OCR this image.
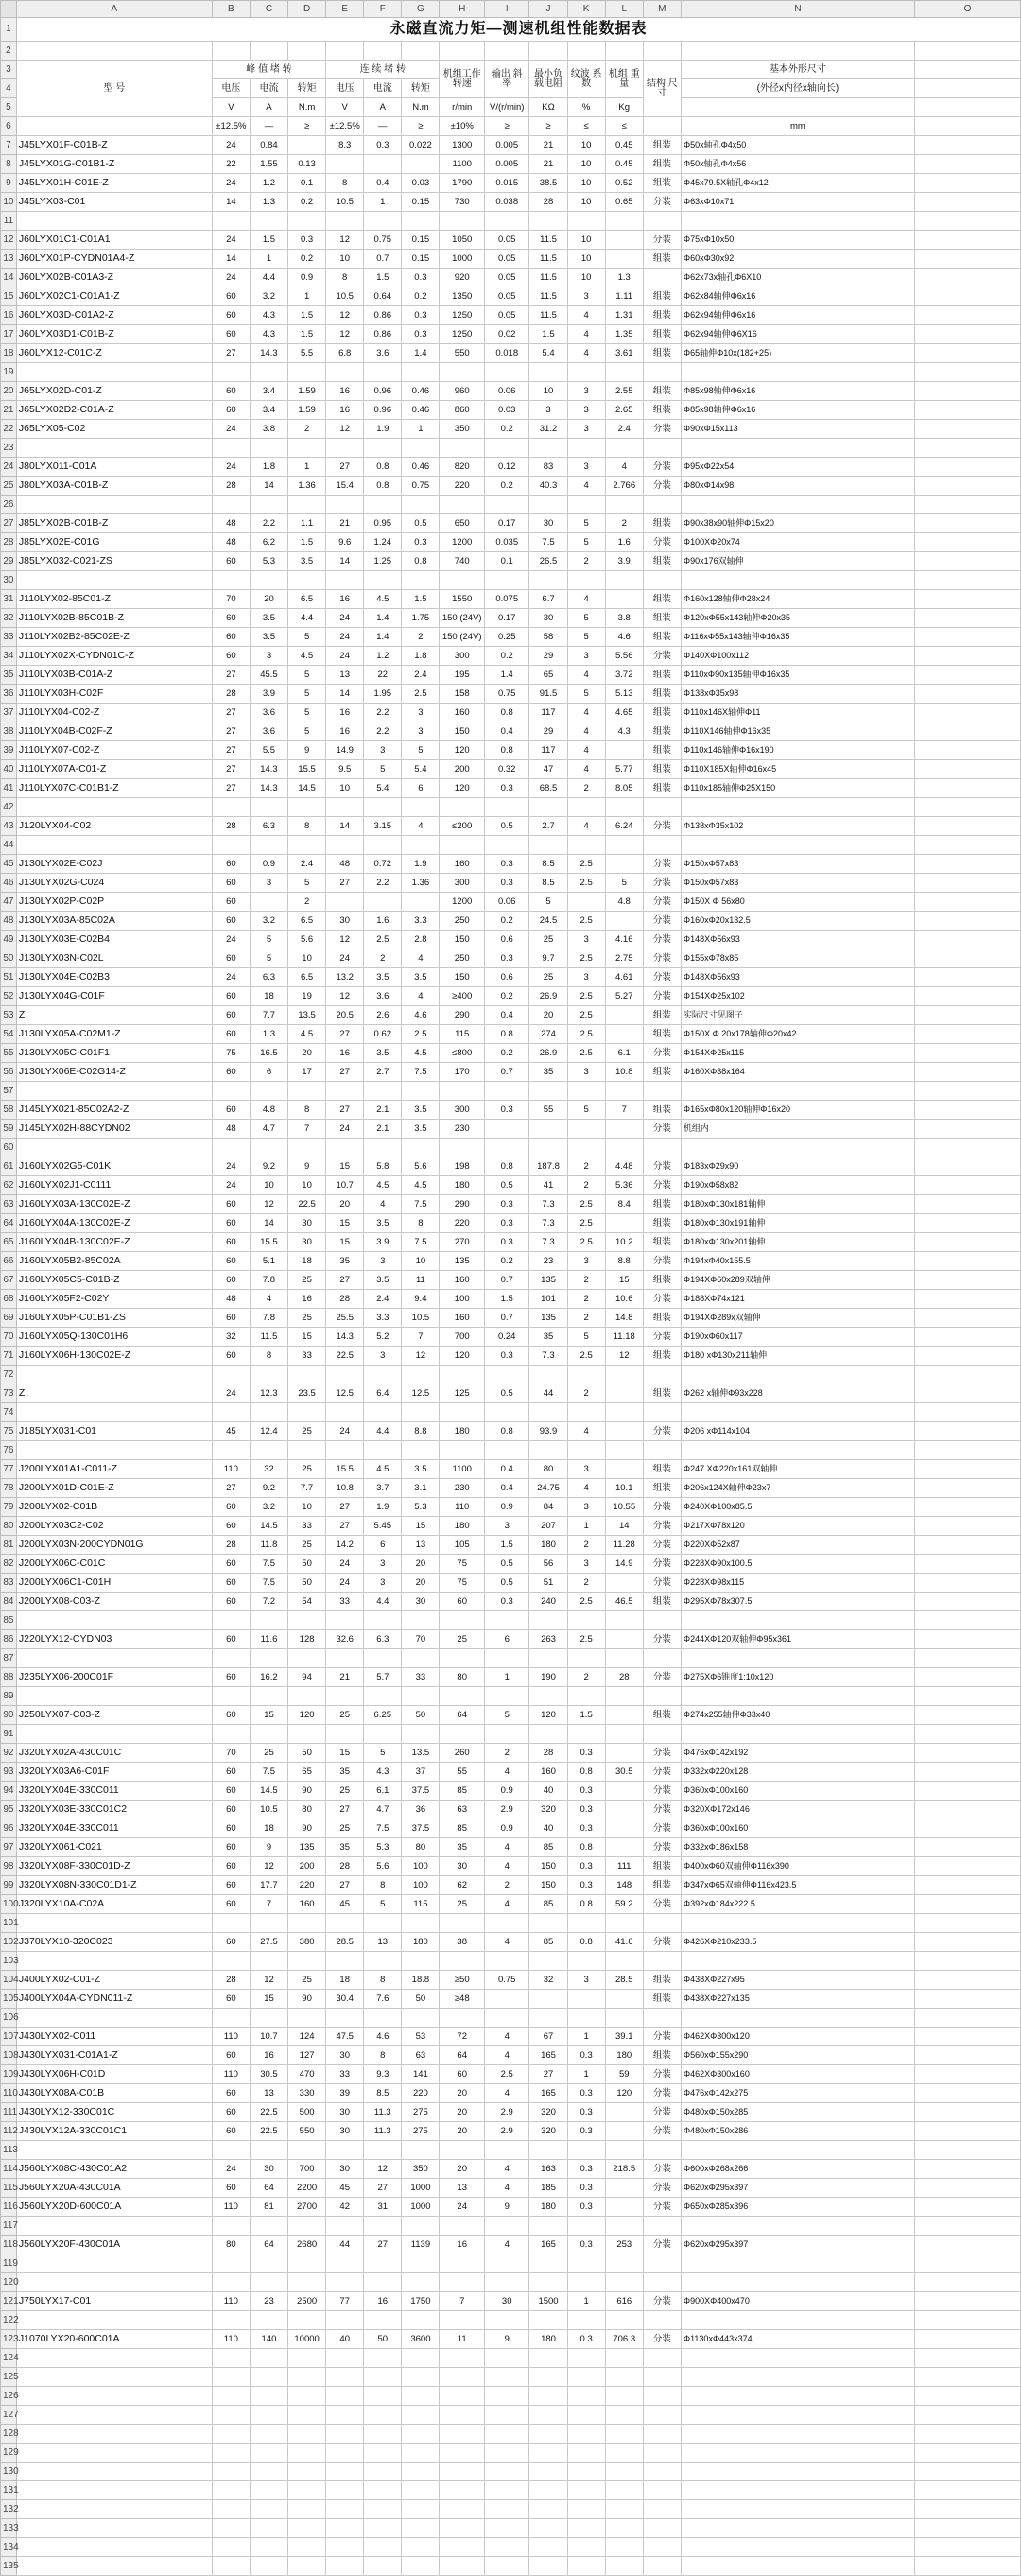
	A	B	C	D	E	F	G	H	I	J	K	L	M	N	O
1	永磁直流力矩—测速机组性能数据表														
2															
3	型 号	峰 值 堵 转			连 续 堵 转			机组工作转速	输出 斜率	最小负载电阻	纹波 系数	机组 重量	结构 尺寸	基本外形尺寸	
4		电压	电流	转矩	电压	电流	转矩							(外径x内径x轴向长)	
5		V	A	N.m	V	A	N.m	r/min	V/(r/min)	KΩ	%	Kg			
6		±12.5%	—	≥	±12.5%	—	≥	±10%	≥	≥	≤	≤		mm	
7	J45LYX01F-C01B-Z	24	0.84		8.3	0.3	0.022	1300	0.005	21	10	0.45	组装	Φ50x轴孔Φ4x50	
8	J45LYX01G-C01B1-Z	22	1.55	0.13				1100	0.005	21	10	0.45	组装	Φ50x轴孔Φ4x56	
9	J45LYX01H-C01E-Z	24	1.2	0.1	8	0.4	0.03	1790	0.015	38.5	10	0.52	组装	Φ45x79.5X轴孔Φ4x12	
10	J45LYX03-C01	14	1.3	0.2	10.5	1	0.15	730	0.038	28	10	0.65	分装	Φ63xΦ10x71	
11															
12	J60LYX01C1-C01A1	24	1.5	0.3	12	0.75	0.15	1050	0.05	11.5	10		分装	Φ75xΦ10x50	
13	J60LYX01P-CYDN01A4-Z	14	1	0.2	10	0.7	0.15	1000	0.05	11.5	10		组装	Φ60xΦ30x92	
14	J60LYX02B-C01A3-Z	24	4.4	0.9	8	1.5	0.3	920	0.05	11.5	10	1.3		Φ62x73x轴孔Φ6X10	
15	J60LYX02C1-C01A1-Z	60	3.2	1	10.5	0.64	0.2	1350	0.05	11.5	3	1.11	组装	Φ62x84轴伸Φ6x16	
16	J60LYX03D-C01A2-Z	60	4.3	1.5	12	0.86	0.3	1250	0.05	11.5	4	1.31	组装	Φ62x94轴伸Φ6x16	
17	J60LYX03D1-C01B-Z	60	4.3	1.5	12	0.86	0.3	1250	0.02	1.5	4	1.35	组装	Φ62x94轴伸Φ6X16	
18	J60LYX12-C01C-Z	27	14.3	5.5	6.8	3.6	1.4	550	0.018	5.4	4	3.61	组装	Φ65轴伸Φ10x(182+25)	
19															
20	J65LYX02D-C01-Z	60	3.4	1.59	16	0.96	0.46	960	0.06	10	3	2.55	组装	Φ85x98轴伸Φ6x16	
21	J65LYX02D2-C01A-Z	60	3.4	1.59	16	0.96	0.46	860	0.03	3	3	2.65	组装	Φ85x98轴伸Φ6x16	
22	J65LYX05-C02	24	3.8	2	12	1.9	1	350	0.2	31.2	3	2.4	分装	Φ90xΦ15x113	
23															
24	J80LYX011-C01A	24	1.8	1	27	0.8	0.46	820	0.12	83	3	4	分装	Φ95xΦ22x54	
25	J80LYX03A-C01B-Z	28	14	1.36	15.4	0.8	0.75	220	0.2	40.3	4	2.766	分装	Φ80xΦ14x98	
26															
27	J85LYX02B-C01B-Z	48	2.2	1.1	21	0.95	0.5	650	0.17	30	5	2	组装	Φ90x38x90轴伸Φ15x20	
28	J85LYX02E-C01G	48	6.2	1.5	9.6	1.24	0.3	1200	0.035	7.5	5	1.6	分装	Φ100XΦ20x74	
29	J85LYX032-C021-ZS	60	5.3	3.5	14	1.25	0.8	740	0.1	26.5	2	3.9	组装	Φ90x176双轴伸	
30															
31	J110LYX02-85C01-Z	70	20	6.5	16	4.5	1.5	1550	0.075	6.7	4		组装	Φ160x128轴伸Φ28x24	
32	J110LYX02B-85C01B-Z	60	3.5	4.4	24	1.4	1.75	150 (24V)	0.17	30	5	3.8	组装	Φ120xΦ55x143轴伸Φ20x35	
33	J110LYX02B2-85C02E-Z	60	3.5	5	24	1.4	2	150 (24V)	0.25	58	5	4.6	组装	Φ116xΦ55x143轴伸Φ16x35	
34	J110LYX02X-CYDN01C-Z	60	3	4.5	24	1.2	1.8	300	0.2	29	3	5.56	分装	Φ140XΦ100x112	
35	J110LYX03B-C01A-Z	27	45.5	5	13	22	2.4	195	1.4	65	4	3.72	组装	Φ110xΦ90x135轴伸Φ16x35	
36	J110LYX03H-C02F	28	3.9	5	14	1.95	2.5	158	0.75	91.5	5	5.13	组装	Φ138xΦ35x98	
37	J110LYX04-C02-Z	27	3.6	5	16	2.2	3	160	0.8	117	4	4.65	组装	Φ110x146X轴伸Φ11	
38	J110LYX04B-C02F-Z	27	3.6	5	16	2.2	3	150	0.4	29	4	4.3	组装	Φ110X146轴伸Φ16x35	
39	J110LYX07-C02-Z	27	5.5	9	14.9	3	5	120	0.8	117	4		组装	Φ110x146轴伸Φ16x190	
40	J110LYX07A-C01-Z	27	14.3	15.5	9.5	5	5.4	200	0.32	47	4	5.77	组装	Φ110X185X轴伸Φ16x45	
41	J110LYX07C-C01B1-Z	27	14.3	14.5	10	5.4	6	120	0.3	68.5	2	8.05	组装	Φ110x185轴伸Φ25X150	
42															
43	J120LYX04-C02	28	6.3	8	14	3.15	4	≤200	0.5	2.7	4	6.24	分装	Φ138xΦ35x102	
44															
45	J130LYX02E-C02J	60	0.9	2.4	48	0.72	1.9	160	0.3	8.5	2.5		分装	Φ150xΦ57x83	
46	J130LYX02G-C024	60	3	5	27	2.2	1.36	300	0.3	8.5	2.5	5	分装	Φ150xΦ57x83	
47	J130LYX02P-C02P	60		2				1200	0.06	5		4.8	分装	Φ150X Φ 56x80	
48	J130LYX03A-85C02A	60	3.2	6.5	30	1.6	3.3	250	0.2	24.5	2.5		分装	Φ160xΦ20x132.5	
49	J130LYX03E-C02B4	24	5	5.6	12	2.5	2.8	150	0.6	25	3	4.16	分装	Φ148XΦ56x93	
50	J130LYX03N-C02L	60	5	10	24	2	4	250	0.3	9.7	2.5	2.75	分装	Φ155xΦ78x85	
51	J130LYX04E-C02B3	24	6.3	6.5	13.2	3.5	3.5	150	0.6	25	3	4.61	分装	Φ148XΦ56x93	
52	J130LYX04G-C01F	60	18	19	12	3.6	4	≥400	0.2	26.9	2.5	5.27	分装	Φ154XΦ25x102	
53	Z	60	7.7	13.5	20.5	2.6	4.6	290	0.4	20	2.5		组装	实际尺寸见图子	
54	J130LYX05A-C02M1-Z	60	1.3	4.5	27	0.62	2.5	115	0.8	274	2.5		组装	Φ150X Φ 20x178轴伸Φ20x42	
55	J130LYX05C-C01F1	75	16.5	20	16	3.5	4.5	≤800	0.2	26.9	2.5	6.1	分装	Φ154XΦ25x115	
56	J130LYX06E-C02G14-Z	60	6	17	27	2.7	7.5	170	0.7	35	3	10.8	组装	Φ160XΦ38x164	
57															
58	J145LYX021-85C02A2-Z	60	4.8	8	27	2.1	3.5	300	0.3	55	5	7	组装	Φ165xΦ80x120轴伸Φ16x20	
59	J145LYX02H-88CYDN02	48	4.7	7	24	2.1	3.5	230					分装	机组内	
60															
61	J160LYX02G5-C01K	24	9.2	9	15	5.8	5.6	198	0.8	187.8	2	4.48	分装	Φ183xΦ29x90	
62	J160LYX02J1-C0111	24	10	10	10.7	4.5	4.5	180	0.5	41	2	5.36	分装	Φ190xΦ58x82	
63	J160LYX03A-130C02E-Z	60	12	22.5	20	4	7.5	290	0.3	7.3	2.5	8.4	组装	Φ180xΦ130x181轴伸	
64	J160LYX04A-130C02E-Z	60	14	30	15	3.5	8	220	0.3	7.3	2.5		组装	Φ180xΦ130x191轴伸	
65	J160LYX04B-130C02E-Z	60	15.5	30	15	3.9	7.5	270	0.3	7.3	2.5	10.2	组装	Φ180xΦ130x201轴伸	
66	J160LYX05B2-85C02A	60	5.1	18	35	3	10	135	0.2	23	3	8.8	分装	Φ194xΦ40x155.5	
67	J160LYX05C5-C01B-Z	60	7.8	25	27	3.5	11	160	0.7	135	2	15	组装	Φ194XΦ60x289双轴伸	
68	J160LYX05F2-C02Y	48	4	16	28	2.4	9.4	100	1.5	101	2	10.6	分装	Φ188XΦ74x121	
69	J160LYX05P-C01B1-ZS	60	7.8	25	25.5	3.3	10.5	160	0.7	135	2	14.8	组装	Φ194XΦ289x双轴伸	
70	J160LYX05Q-130C01H6	32	11.5	15	14.3	5.2	7	700	0.24	35	5	11.18	分装	Φ190xΦ60x117	
71	J160LYX06H-130C02E-Z	60	8	33	22.5	3	12	120	0.3	7.3	2.5	12	组装	Φ180 xΦ130x211轴伸	
72															
73	Z	24	12.3	23.5	12.5	6.4	12.5	125	0.5	44	2		组装	Φ262 x轴伸Φ93x228	
74															
75	J185LYX031-C01	45	12.4	25	24	4.4	8.8	180	0.8	93.9	4		分装	Φ206 xΦ114x104	
76															
77	J200LYX01A1-C011-Z	110	32	25	15.5	4.5	3.5	1100	0.4	80	3		组装	Φ247 XΦ220x161双轴伸	
78	J200LYX01D-C01E-Z	27	9.2	7.7	10.8	3.7	3.1	230	0.4	24.75	4	10.1	组装	Φ206x124X轴伸Φ23x7	
79	J200LYX02-C01B	60	3.2	10	27	1.9	5.3	110	0.9	84	3	10.55	分装	Φ240XΦ100x85.5	
80	J200LYX03C2-C02	60	14.5	33	27	5.45	15	180	3	207	1	14	分装	Φ217XΦ78x120	
81	J200LYX03N-200CYDN01G	28	11.8	25	14.2	6	13	105	1.5	180	2	11.28	分装	Φ220XΦ52x87	
82	J200LYX06C-C01C	60	7.5	50	24	3	20	75	0.5	56	3	14.9	分装	Φ228XΦ90x100.5	
83	J200LYX06C1-C01H	60	7.5	50	24	3	20	75	0.5	51	2		分装	Φ228XΦ98x115	
84	J200LYX08-C03-Z	60	7.2	54	33	4.4	30	60	0.3	240	2.5	46.5	组装	Φ295XΦ78x307.5	
85															
86	J220LYX12-CYDN03	60	11.6	128	32.6	6.3	70	25	6	263	2.5		分装	Φ244XΦ120双轴伸Φ95x361	
87															
88	J235LYX06-200C01F	60	16.2	94	21	5.7	33	80	1	190	2	28	分装	Φ275XΦ6锥度1:10x120	
89															
90	J250LYX07-C03-Z	60	15	120	25	6.25	50	64	5	120	1.5		组装	Φ274x255轴伸Φ33x40	
91															
92	J320LYX02A-430C01C	70	25	50	15	5	13.5	260	2	28	0.3		分装	Φ476xΦ142x192	
93	J320LYX03A6-C01F	60	7.5	65	35	4.3	37	55	4	160	0.8	30.5	分装	Φ332xΦ220x128	
94	J320LYX04E-330C011	60	14.5	90	25	6.1	37.5	85	0.9	40	0.3		分装	Φ360xΦ100x160	
95	J320LYX03E-330C01C2	60	10.5	80	27	4.7	36	63	2.9	320	0.3		分装	Φ320XΦ172x146	
96	J320LYX04E-330C011	60	18	90	25	7.5	37.5	85	0.9	40	0.3		分装	Φ360xΦ100x160	
97	J320LYX061-C021	60	9	135	35	5.3	80	35	4	85	0.8		分装	Φ332xΦ186x158	
98	J320LYX08F-330C01D-Z	60	12	200	28	5.6	100	30	4	150	0.3	111	组装	Φ400xΦ60双轴伸Φ116x390	
99	J320LYX08N-330C01D1-Z	60	17.7	220	27	8	100	62	2	150	0.3	148	组装	Φ347xΦ65双轴伸Φ116x423.5	
100	J320LYX10A-C02A	60	7	160	45	5	115	25	4	85	0.8	59.2	分装	Φ392xΦ184x222.5	
101															
102	J370LYX10-320C023	60	27.5	380	28.5	13	180	38	4	85	0.8	41.6	分装	Φ426XΦ210x233.5	
103															
104	J400LYX02-C01-Z	28	12	25	18	8	18.8	≥50	0.75	32	3	28.5	组装	Φ438XΦ227x95	
105	J400LYX04A-CYDN011-Z	60	15	90	30.4	7.6	50	≥48					组装	Φ438XΦ227x135	
106															
107	J430LYX02-C011	110	10.7	124	47.5	4.6	53	72	4	67	1	39.1	分装	Φ462XΦ300x120	
108	J430LYX031-C01A1-Z	60	16	127	30	8	63	64	4	165	0.3	180	组装	Φ560xΦ155x290	
109	J430LYX06H-C01D	110	30.5	470	33	9.3	141	60	2.5	27	1	59	分装	Φ462XΦ300x160	
110	J430LYX08A-C01B	60	13	330	39	8.5	220	20	4	165	0.3	120	分装	Φ476xΦ142x275	
111	J430LYX12-330C01C	60	22.5	500	30	11.3	275	20	2.9	320	0.3		分装	Φ480xΦ150x285	
112	J430LYX12A-330C01C1	60	22.5	550	30	11.3	275	20	2.9	320	0.3		分装	Φ480xΦ150x286	
113															
114	J560LYX08C-430C01A2	24	30	700	30	12	350	20	4	163	0.3	218.5	分装	Φ600xΦ268x266	
115	J560LYX20A-430C01A	60	64	2200	45	27	1000	13	4	185	0.3		分装	Φ620xΦ295x397	
116	J560LYX20D-600C01A	110	81	2700	42	31	1000	24	9	180	0.3		分装	Φ650xΦ285x396	
117															
118	J560LYX20F-430C01A	80	64	2680	44	27	1139	16	4	165	0.3	253	分装	Φ620xΦ295x397	
119															
120															
121	J750LYX17-C01	110	23	2500	77	16	1750	7	30	1500	1	616	分装	Φ900XΦ400x470	
122															
123	J1070LYX20-600C01A	110	140	10000	40	50	3600	11	9	180	0.3	706.3	分装	Φ1130xΦ443x374	
124															
125															
126															
127															
128															
129															
130															
131															
132															
133															
134															
135															
